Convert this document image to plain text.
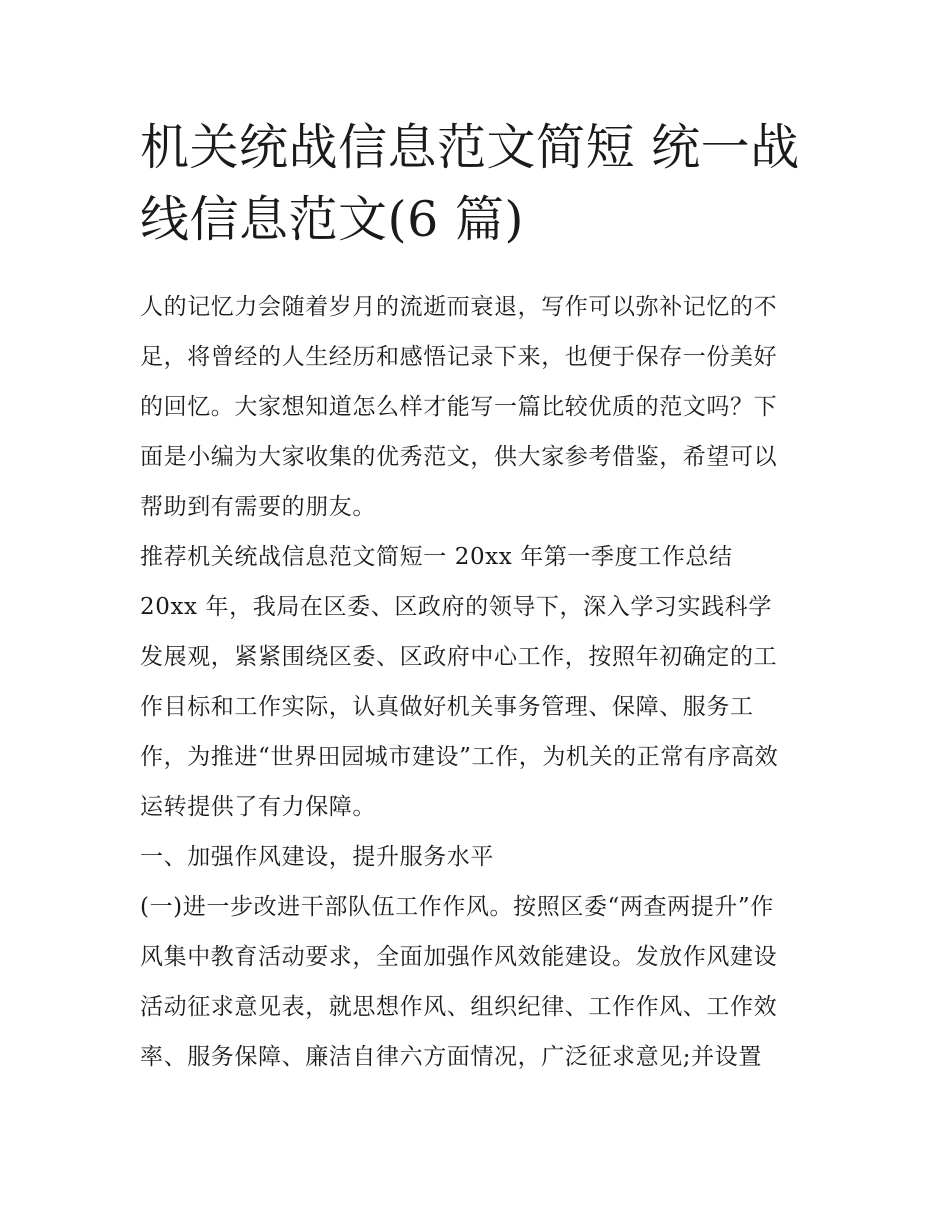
机关统战信息范文简短 统一战
线信息范文(6 篇)
人的记忆力会随着岁月的流逝而衰退，写作可以弥补记忆的不
足，将曾经的人生经历和感悟记录下来，也便于保存一份美好
的回忆。大家想知道怎么样才能写一篇比较优质的范文吗？下
面是小编为大家收集的优秀范文，供大家参考借鉴，希望可以
帮助到有需要的朋友。
推荐机关统战信息范文简短一 20xx 年第一季度工作总结
20xx 年，我局在区委、区政府的领导下，深入学习实践科学
发展观，紧紧围绕区委、区政府中心工作，按照年初确定的工
作目标和工作实际，认真做好机关事务管理、保障、服务工
作，为推进“世界田园城市建设”工作，为机关的正常有序高效
运转提供了有力保障。
一、加强作风建设，提升服务水平
(一)进一步改进干部队伍工作作风。按照区委“两查两提升”作
风集中教育活动要求，全面加强作风效能建设。发放作风建设
活动征求意见表，就思想作风、组织纪律、工作作风、工作效
率、服务保障、廉洁自律六方面情况，广泛征求意见;并设置
